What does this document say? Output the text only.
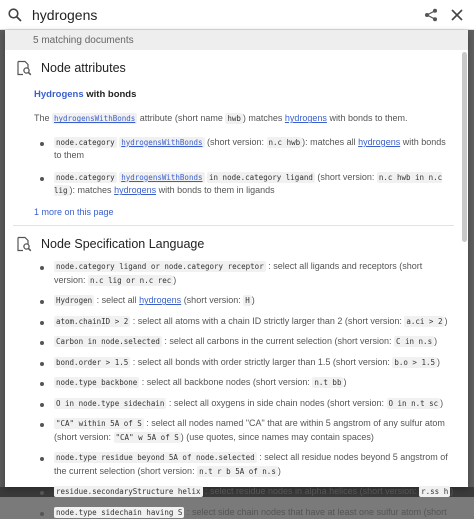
hydrogens
5 matching documents
Node attributes
Hydrogens with bonds
The hydrogensWithBonds attribute (short name hwb ) matches hydrogens with bonds to them.
node.category hydrogensWithBonds (short version: n.c hwb ): matches all hydrogens with bonds to them
node.category hydrogensWithBonds in node.category ligand (short version: n.c hwb in n.c lig ): matches hydrogens with bonds to them in ligands
1 more on this page
Node Specification Language
node.category ligand or node.category receptor : select all ligands and receptors (short version: n.c lig or n.c rec )
Hydrogen : select all hydrogens (short version: H )
atom.chainID > 2 : select all atoms with a chain ID strictly larger than 2 (short version: a.ci > 2 )
Carbon in node.selected : select all carbons in the current selection (short version: C in n.s )
bond.order > 1.5 : select all bonds with order strictly larger than 1.5 (short version: b.o > 1.5 )
node.type backbone : select all backbone nodes (short version: n.t bb )
O in node.type sidechain : select all oxygens in side chain nodes (short version: O in n.t sc )
"CA" within 5A of S : select all nodes named "CA" that are within 5 angstrom of any sulfur atom (short version: "CA" w 5A of S ) (use quotes, since names may contain spaces)
node.type residue beyond 5A of node.selected : select all residue nodes beyond 5 angstrom of the current selection (short version: n.t r b 5A of n.s )
residue.secondaryStructure helix : select residue nodes in alpha helices (short version: r.ss h )
node.type sidechain having S : select side chain nodes that have at least one sulfur atom (short
